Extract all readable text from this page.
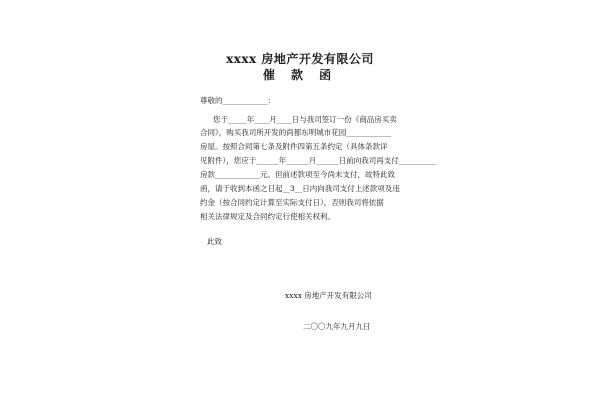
xxxx 房地产开发有限公司
催 款 函
尊敬的____________：
您于_____年____月____日与我司签订一份《商品房买卖
合同》，购买我司所开发的尚都东明城市花园____________
房屋。按照合同第七条及附件四第五条约定（具体条款详
见附件），您应于______年______月______日前向我司再支付__________
房款____________元。但前述款项至今尚未支付，故特此致
函，请于收到本函之日起__3__日内向我司支付上述款项及违
约金（按合同约定计算至实际支付日），否则我司将依据
相关法律规定及合同约定行使相关权利。
此致
xxxx 房地产开发有限公司
二〇〇九年九月九日
